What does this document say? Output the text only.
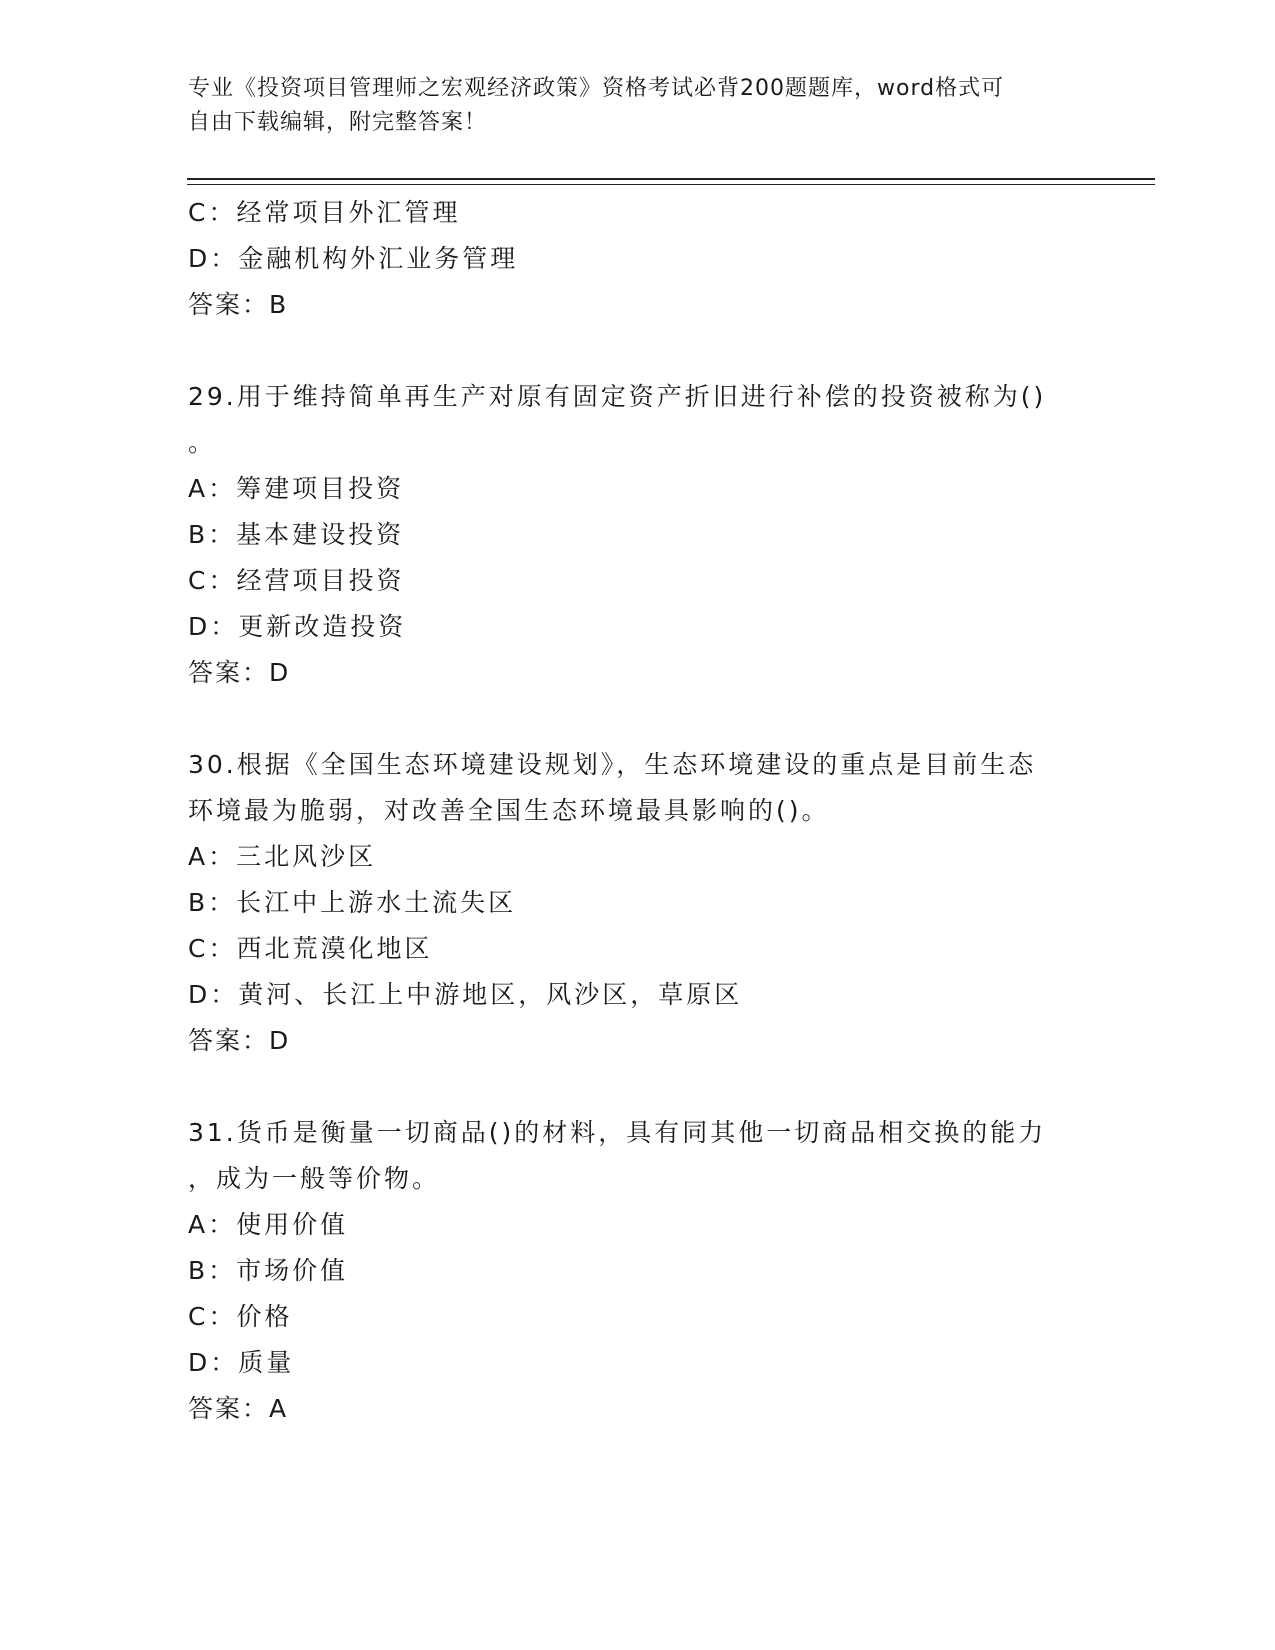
专业《投资项目管理师之宏观经济政策》资格考试必背200题题库，word格式可
自由下载编辑，附完整答案！
C：经常项目外汇管理
D：金融机构外汇业务管理
答案：B
29.用于维持简单再生产对原有固定资产折旧进行补偿的投资被称为()
。
A：筹建项目投资
B：基本建设投资
C：经营项目投资
D：更新改造投资
答案：D
30.根据《全国生态环境建设规划》，生态环境建设的重点是目前生态
环境最为脆弱，对改善全国生态环境最具影响的()。
A：三北风沙区
B：长江中上游水土流失区
C：西北荒漠化地区
D：黄河、长江上中游地区，风沙区，草原区
答案：D
31.货币是衡量一切商品()的材料，具有同其他一切商品相交换的能力
，成为一般等价物。
A：使用价值
B：市场价值
C：价格
D：质量
答案：A
